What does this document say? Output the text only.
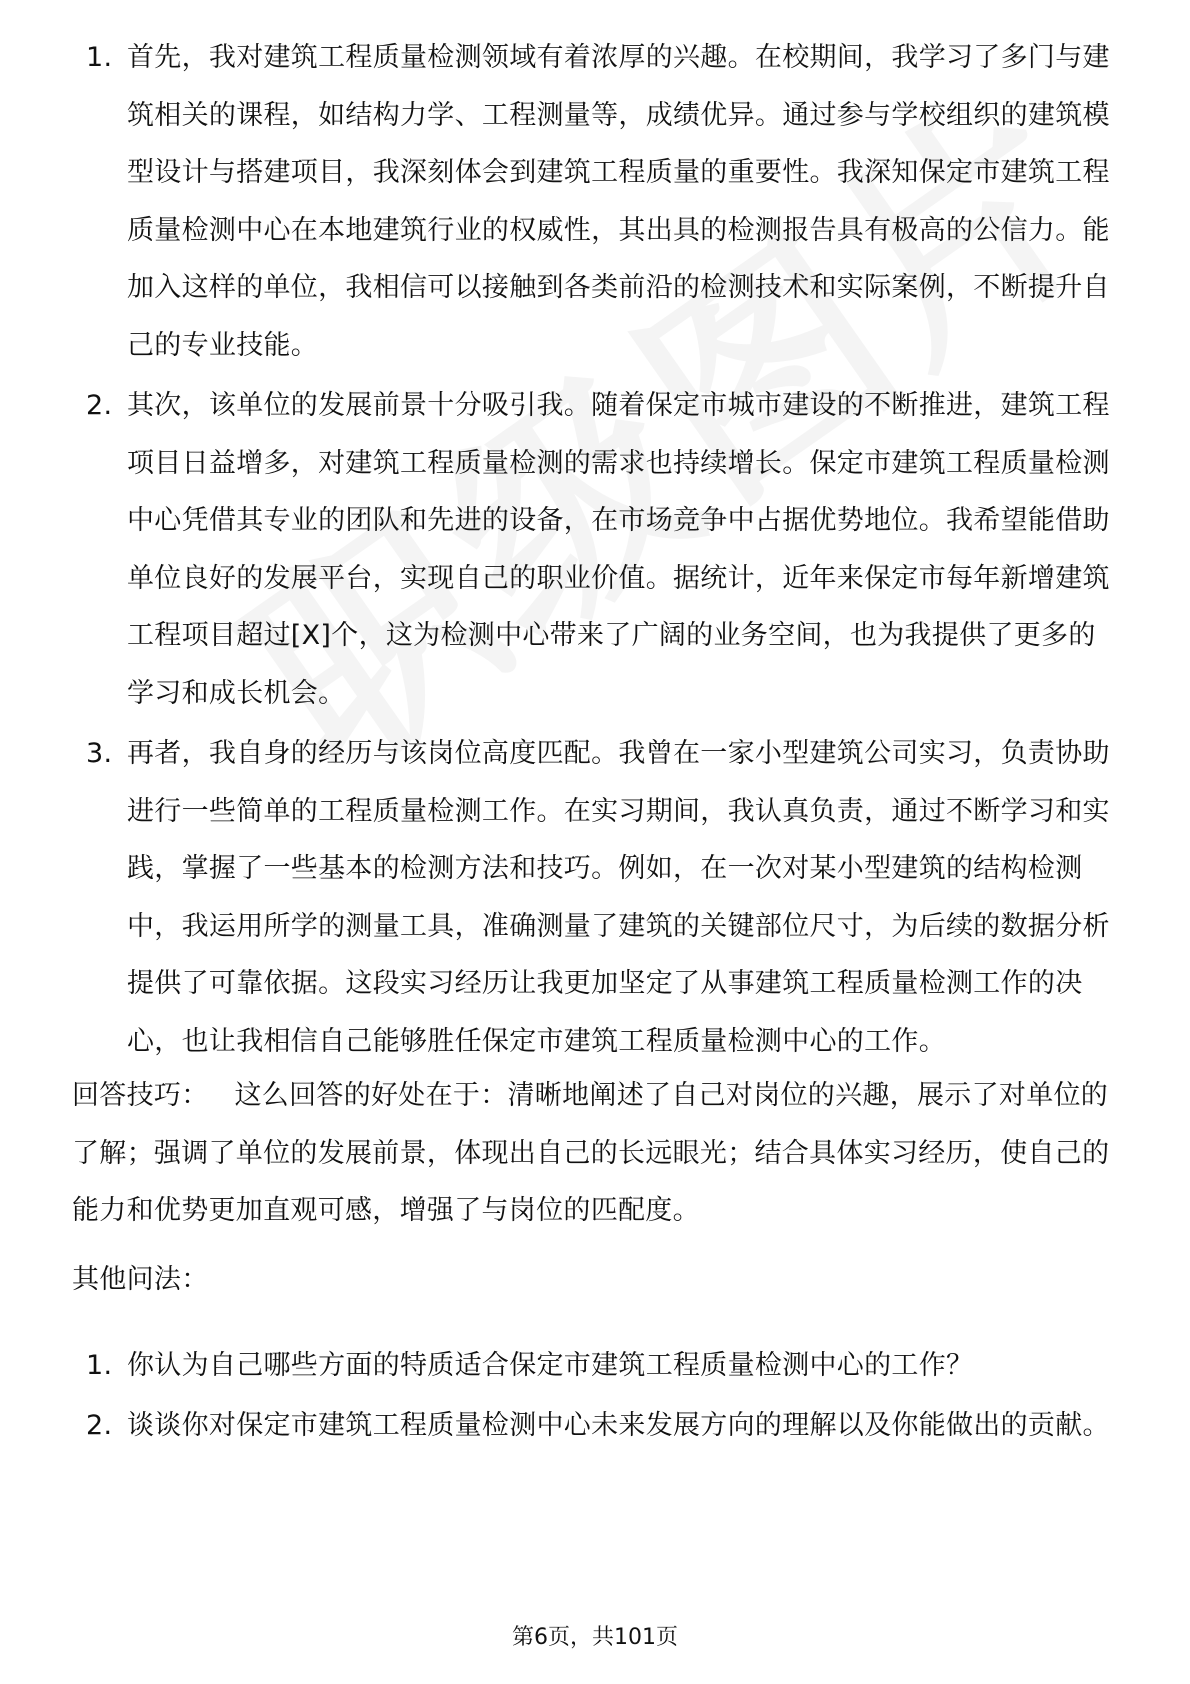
1. 首先，我对建筑工程质量检测领域有着浓厚的兴趣。在校期间，我学习了多门与建筑相关的课程，如结构力学、工程测量等，成绩优异。通过参与学校组织的建筑模型设计与搭建项目，我深刻体会到建筑工程质量的重要性。我深知保定市建筑工程质量检测中心在本地建筑行业的权威性，其出具的检测报告具有极高的公信力。能加入这样的单位，我相信可以接触到各类前沿的检测技术和实际案例，不断提升自己的专业技能。
2. 其次，该单位的发展前景十分吸引我。随着保定市城市建设的不断推进，建筑工程项目日益增多，对建筑工程质量检测的需求也持续增长。保定市建筑工程质量检测中心凭借其专业的团队和先进的设备，在市场竞争中占据优势地位。我希望能借助单位良好的发展平台，实现自己的职业价值。据统计，近年来保定市每年新增建筑工程项目超过[X]个，这为检测中心带来了广阔的业务空间，也为我提供了更多的学习和成长机会。
3. 再者，我自身的经历与该岗位高度匹配。我曾在一家小型建筑公司实习，负责协助进行一些简单的工程质量检测工作。在实习期间，我认真负责，通过不断学习和实践，掌握了一些基本的检测方法和技巧。例如，在一次对某小型建筑的结构检测中，我运用所学的测量工具，准确测量了建筑的关键部位尺寸，为后续的数据分析提供了可靠依据。这段实习经历让我更加坚定了从事建筑工程质量检测工作的决心，也让我相信自己能够胜任保定市建筑工程质量检测中心的工作。

回答技巧： 这么回答的好处在于：清晰地阐述了自己对岗位的兴趣，展示了对单位的了解；强调了单位的发展前景，体现出自己的长远眼光；结合具体实习经历，使自己的能力和优势更加直观可感，增强了与岗位的匹配度。

其他问法：

1. 你认为自己哪些方面的特质适合保定市建筑工程质量检测中心的工作？
2. 谈谈你对保定市建筑工程质量检测中心未来发展方向的理解以及你能做出的贡献。
第6页，共101页
